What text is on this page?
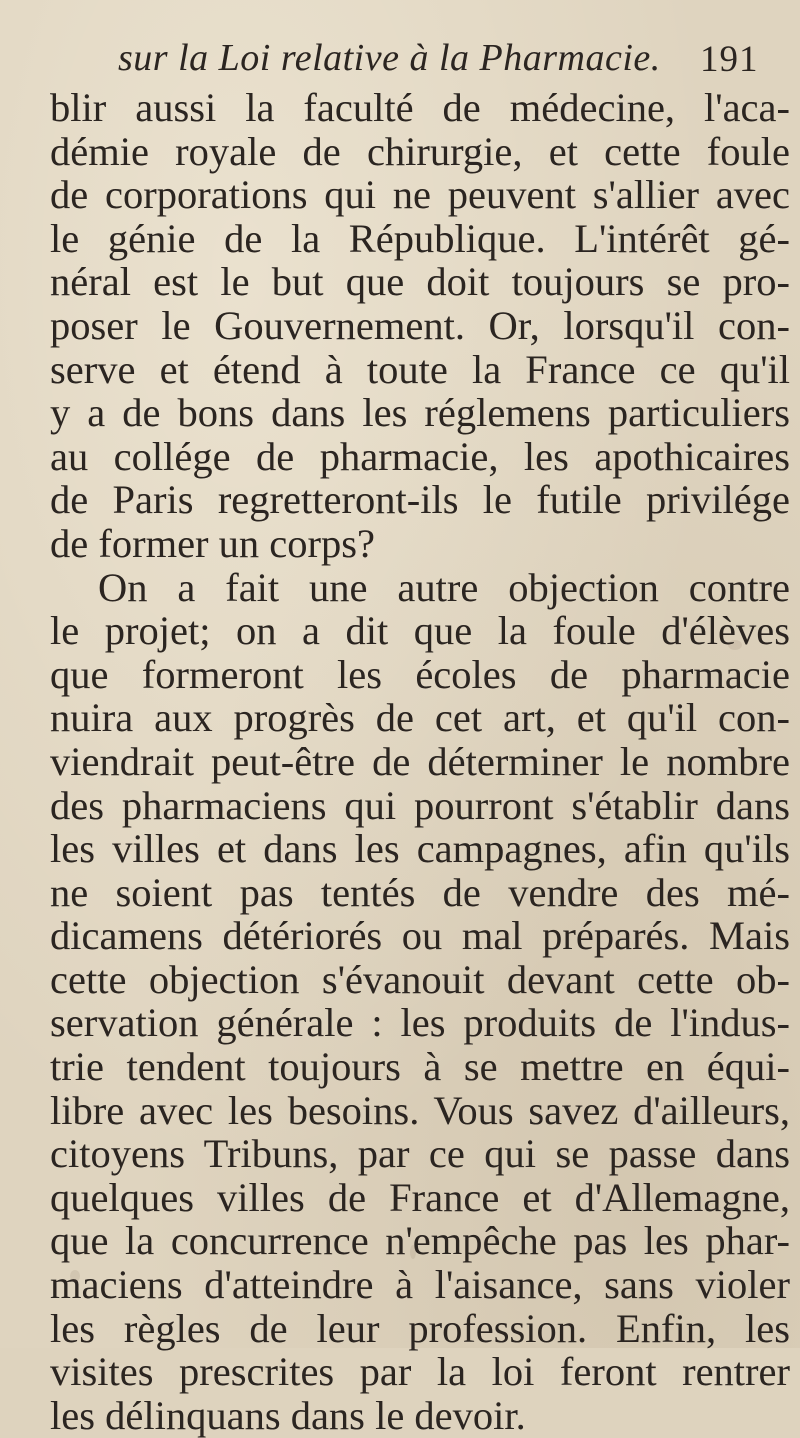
sur la Loi relative à la Pharmacie. 191
blir aussi la faculté de médecine, l'aca-
démie royale de chirurgie, et cette foule
de corporations qui ne peuvent s'allier avec
le génie de la République. L'intérêt gé-
néral est le but que doit toujours se pro-
poser le Gouvernement. Or, lorsqu'il con-
serve et étend à toute la France ce qu'il
y a de bons dans les réglemens particuliers
au collége de pharmacie, les apothicaires
de Paris regretteront-ils le futile privilége
de former un corps?
On a fait une autre objection contre
le projet; on a dit que la foule d'élèves
que formeront les écoles de pharmacie
nuira aux progrès de cet art, et qu'il con-
viendrait peut-être de déterminer le nombre
des pharmaciens qui pourront s'établir dans
les villes et dans les campagnes, afin qu'ils
ne soient pas tentés de vendre des mé-
dicamens détériorés ou mal préparés. Mais
cette objection s'évanouit devant cette ob-
servation générale : les produits de l'indus-
trie tendent toujours à se mettre en équi-
libre avec les besoins. Vous savez d'ailleurs,
citoyens Tribuns, par ce qui se passe dans
quelques villes de France et d'Allemagne,
que la concurrence n'empêche pas les phar-
maciens d'atteindre à l'aisance, sans violer
les règles de leur profession. Enfin, les
visites prescrites par la loi feront rentrer
les délinquans dans le devoir.
